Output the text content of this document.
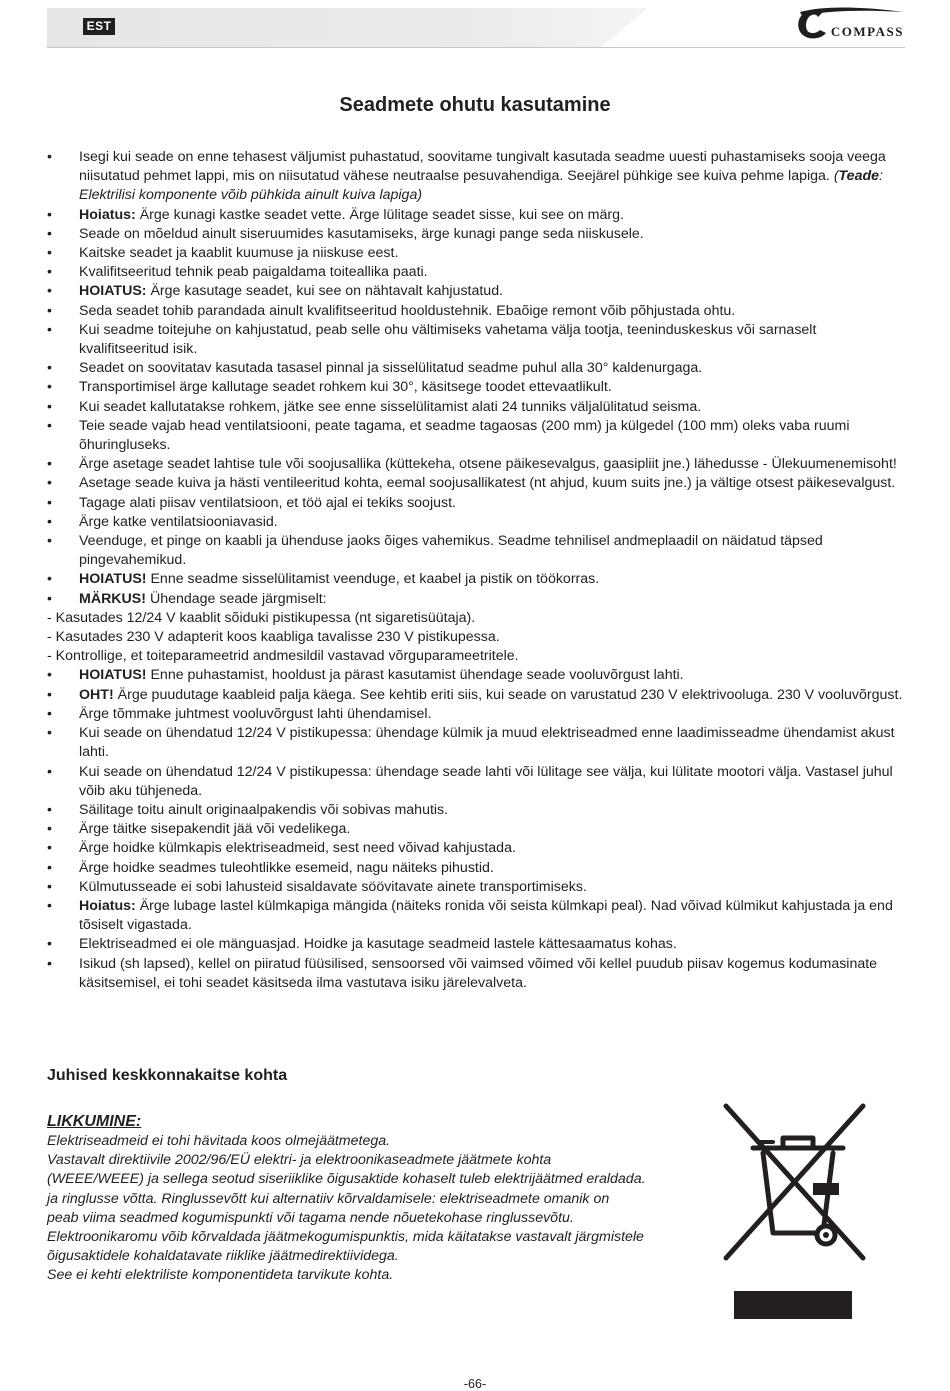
EST	COMPASS
Seadmete ohutu kasutamine
•	Isegi kui seade on enne tehasest väljumist puhastatud, soovitame tungivalt kasutada seadme uuesti puhastamiseks sooja veega niisutatud pehmet lappi, mis on niisutatud vähese neutraalse pesuvahendiga. Seejärel pühkige see kuiva pehme lapiga. (Teade: Elektrilisi komponente võib pühkida ainult kuiva lapiga)
•	Hoiatus: Ärge kunagi kastke seadet vette. Ärge lülitage seadet sisse, kui see on märg.
•	Seade on mõeldud ainult siseruumides kasutamiseks, ärge kunagi pange seda niiskusele.
•	Kaitske seadet ja kaablit kuumuse ja niiskuse eest.
•	Kvalifitseeritud tehnik peab paigaldama toiteallika paati.
•	HOIATUS: Ärge kasutage seadet, kui see on nähtavalt kahjustatud.
•	Seda seadet tohib parandada ainult kvalifitseeritud hooldustehnik. Ebaõige remont võib põhjustada ohtu.
•	Kui seadme toitejuhe on kahjustatud, peab selle ohu vältimiseks vahetama välja tootja, teeninduskeskus või sarnaselt kvalifitseeritud isik.
•	Seadet on soovitatav kasutada tasasel pinnal ja sisselülitatud seadme puhul alla 30° kaldenurgaga.
•	Transportimisel ärge kallutage seadet rohkem kui 30°, käsitsege toodet ettevaatlikult.
•	Kui seadet kallutatakse rohkem, jätke see enne sisselülitamist alati 24 tunniks väljalülitatud seisma.
•	Teie seade vajab head ventilatsiooni, peate tagama, et seadme tagaosas (200 mm) ja külgedel (100 mm) oleks vaba ruumi õhuringluseks.
•	Ärge asetage seadet lahtise tule või soojusallika (küttekeha, otsene päikesevalgus, gaasipliit jne.) lähedusse - Ülekuumenemisoht!
•	Asetage seade kuiva ja hästi ventileeritud kohta, eemal soojusallikatest (nt ahjud, kuum suits jne.) ja vältige otsest päikesevalgust.
•	Tagage alati piisav ventilatsioon, et töö ajal ei tekiks soojust.
•	Ärge katke ventilatsiooniavasid.
•	Veenduge, et pinge on kaabli ja ühenduse jaoks õiges vahemikus. Seadme tehnilisel andmeplaadil on näidatud täpsed pingevahemikud.
•	HOIATUS! Enne seadme sisselülitamist veenduge, et kaabel ja pistik on töökorras.
•	MÄRKUS! Ühendage seade järgmiselt:
- Kasutades 12/24 V kaablit sõiduki pistikupessa (nt sigaretisüütaja).
- Kasutades 230 V adapterit koos kaabliga tavalisse 230 V pistikupessa.
- Kontrollige, et toiteparameetrid andmesildil vastavad võrguparameetritele.
•	HOIATUS! Enne puhastamist, hooldust ja pärast kasutamist ühendage seade vooluvõrgust lahti.
•	OHT! Ärge puudutage kaableid palja käega. See kehtib eriti siis, kui seade on varustatud 230 V elektrivooluga. 230 V vooluvõrgust.
•	Ärge tõmmake juhtmest vooluvõrgust lahti ühendamisel.
•	Kui seade on ühendatud 12/24 V pistikupessa: ühendage külmik ja muud elektriseadmed enne laadimisseadme ühendamist akust lahti.
•	Kui seade on ühendatud 12/24 V pistikupessa: ühendage seade lahti või lülitage see välja, kui lülitate mootori välja. Vastasel juhul võib aku tühjeneda.
•	Säilitage toitu ainult originaalpakendis või sobivas mahutis.
•	Ärge täitke sisepakendit jää või vedelikega.
•	Ärge hoidke külmkapis elektriseadmeid, sest need võivad kahjustada.
•	Ärge hoidke seadmes tuleohtlikke esemeid, nagu näiteks pihustid.
•	Külmutusseade ei sobi lahusteid sisaldavate söövitavate ainete transportimiseks.
•	Hoiatus: Ärge lubage lastel külmkapiga mängida (näiteks ronida või seista külmkapi peal). Nad võivad külmikut kahjustada ja end tõsiselt vigastada.
•	Elektriseadmed ei ole mänguasjad. Hoidke ja kasutage seadmeid lastele kättesaamatus kohas.
•	Isikud (sh lapsed), kellel on piiratud füüsilised, sensoorsed või vaimsed võimed või kellel puudub piisav kogemus kodumasinate käsitsemisel, ei tohi seadet käsitseda ilma vastutava isiku järelevalveta.
Juhised keskkonnakaitse kohta
LIKKUMINE:
Elektriseadmeid ei tohi hävitada koos olmejäätmetega.
Vastavalt direktiivile 2002/96/EÜ elektri- ja elektroonikaseadmete jäätmete kohta
(WEEE/WEEE) ja sellega seotud siseriiklike õigusaktide kohaselt tuleb elektrijäätmed eraldada.
ja ringlusse võtta. Ringlussevõtt kui alternatiiv kõrvaldamisele: elektriseadmete omanik on
peab viima seadmed kogumispunkti või tagama nende nõuetekohase ringlussevõtu.
Elektroonikaromu võib kõrvaldada jäätmekogumispunktis, mida käitatakse vastavalt järgmistele
õigusaktidele kohaldatavate riiklike jäätmedirektiividega.
See ei kehti elektriliste komponentideta tarvikute kohta.
-66-
